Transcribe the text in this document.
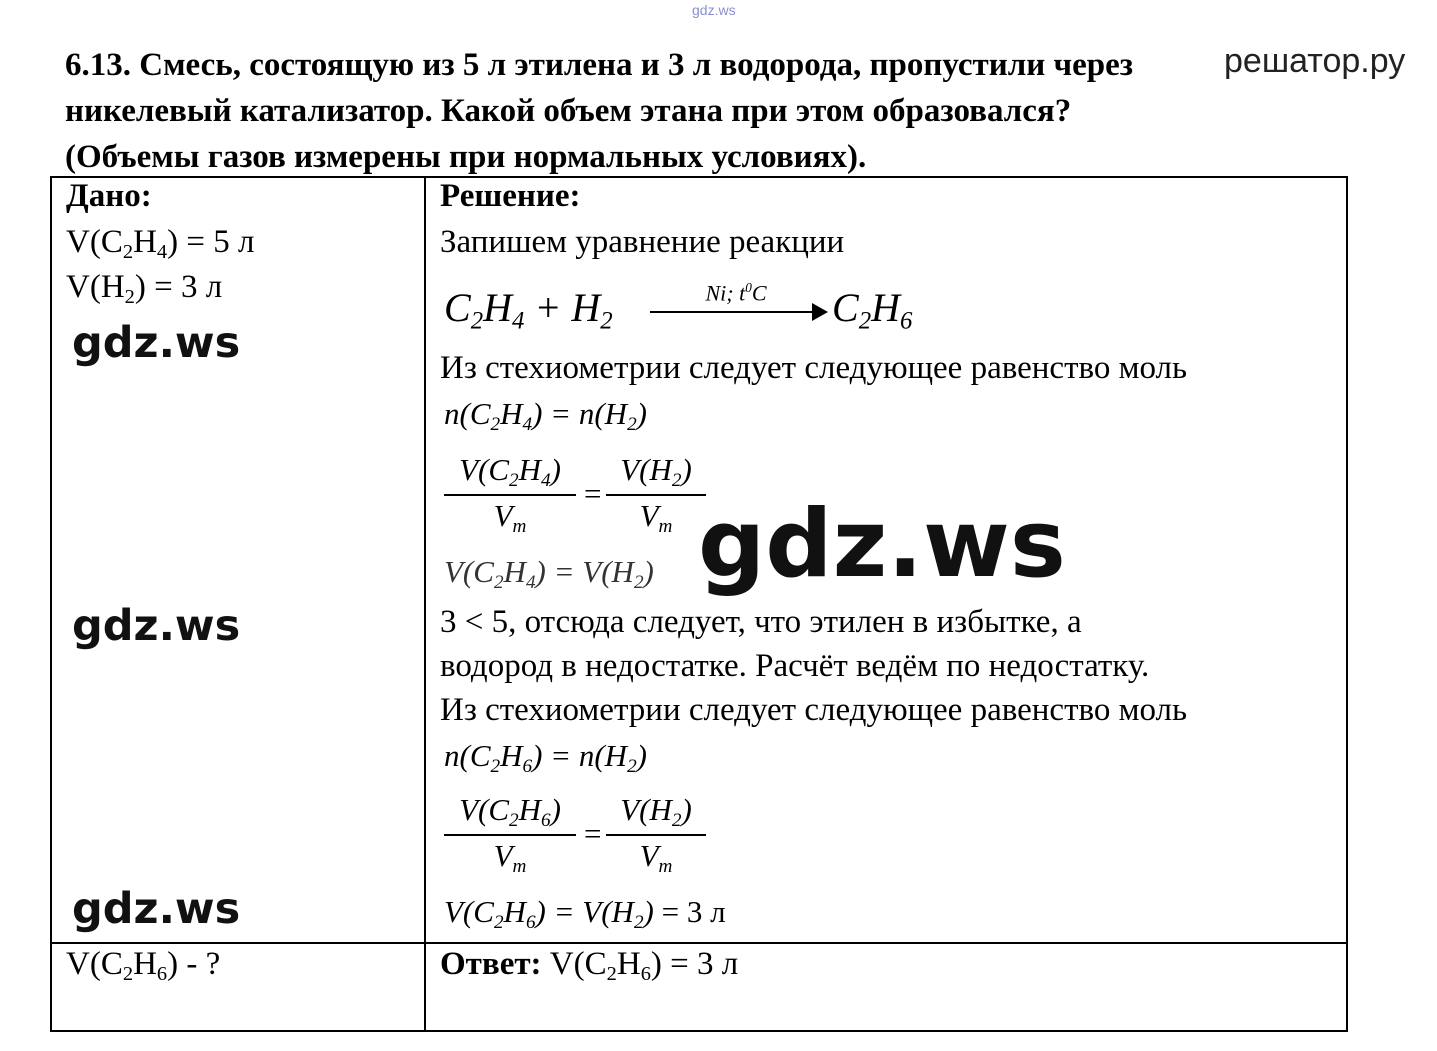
gdz.ws
решатор.ру
6.13. Смесь, состоящую из 5 л этилена и 3 л водорода, пропустили через
никелевый катализатор. Какой объем этана при этом образовался?
(Объемы газов измерены при нормальных условиях).
Дано:
$V(C_2H_4) = 5$ л
$V(H_2) = 3$ л
gdz.ws
gdz.ws
gdz.ws
$V(C_2H_6)$ - ?
Решение:
Запишем уравнение реакции
$C_2H_4 + H_2$
Ni; $t^0C$	$C_2H_6$
Из стехиометрии следует следующее равенство моль
$n(C_2H_4) = n(H_2)$
$V(C_2H_4)$
$V_m$
=
$V(H_2)$
$V_m$
$V(C_2H_4) = V(H_2)$ gdz.ws
3 < 5, отсюда следует, что этилен в избытке, а
водород в недостатке. Расчёт ведём по недостатку.
Из стехиометрии следует следующее равенство моль
$n(C_2H_6) = n(H_2)$
$V(C_2H_6)$
$V_m$
=
$V(H_2)$
$V_m$
$V(C_2H_6) = V(H_2) = 3$ л
Ответ: $V(C_2H_6) = 3$ л
